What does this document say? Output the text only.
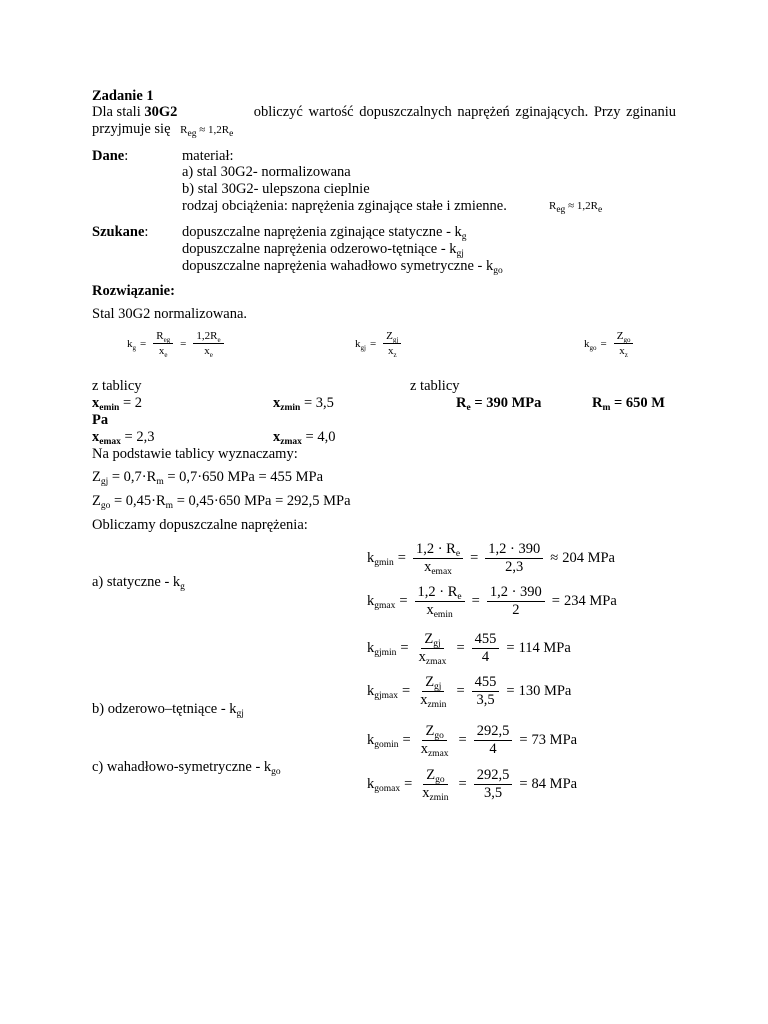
Zadanie 1
Dla stali 30G2	obliczyć wartość dopuszczalnych naprężeń zginających. Przy zginaniu
przyjmuje się $R_{eg} \approx 1,2R_e$
Dane:	materiał:
a) stal 30G2- normalizowana
b) stal 30G2- ulepszona cieplnie
rodzaj obciążenia: naprężenia zginające stałe i zmienne.	$R_{eg} \approx 1,2R_e$
Szukane: dopuszczalne naprężenia zginające statyczne - $k_g$
dopuszczalne naprężenia odzerowo-tętniące - $k_{gj}$
dopuszczalne naprężenia wahadłowo symetryczne - $k_{go}$
Rozwiązanie:
Stal 30G2 normalizowana.
$k_g = \frac{R_{eg}}{x_e} = \frac{1,2R_e}{x_e}$	$k_{gj} = \frac{Z_{gj}}{x_z}$	$k_{go} = \frac{Z_{go}}{x_z}$
z tablicy	z tablicy
$x_{emin} = 2$	$x_{zmin} = 3,5$	$R_e = 390$ MPa	$R_m = 650$ M
Pa
$x_{emax} = 2,3$	$x_{zmax} = 4,0$
Na podstawie tablicy wyznaczamy:
$Z_{gj} = 0,7\cdot R_m = 0,7\cdot 650$ MPa = 455 MPa
$Z_{go} = 0,45\cdot R_m = 0,45\cdot 650$ MPa = 292,5 MPa
Obliczamy dopuszczalne naprężenia:
a) statyczne - $k_g$
b) odzerowo–tętniące - $k_{gj}$
c) wahadłowo-symetryczne - $k_{go}$
$k_{gmin} = \frac{1,2 \cdot R_e}{x_{emax}} = \frac{1,2 \cdot 390}{2,3} \approx 204$ MPa
$k_{gmax} = \frac{1,2 \cdot R_e}{x_{emin}} = \frac{1,2 \cdot 390}{2} = 234$ MPa
$k_{gjmin} = \frac{Z_{gj}}{x_{zmax}} = \frac{455}{4} = 114$ MPa
$k_{gjmax} = \frac{Z_{gj}}{x_{zmin}} = \frac{455}{3,5} = 130$ MPa
$k_{gomin} = \frac{Z_{go}}{x_{zmax}} = \frac{292,5}{4} = 73$ MPa
$k_{gomax} = \frac{Z_{go}}{x_{zmin}} = \frac{292,5}{3,5} = 84$ MPa
